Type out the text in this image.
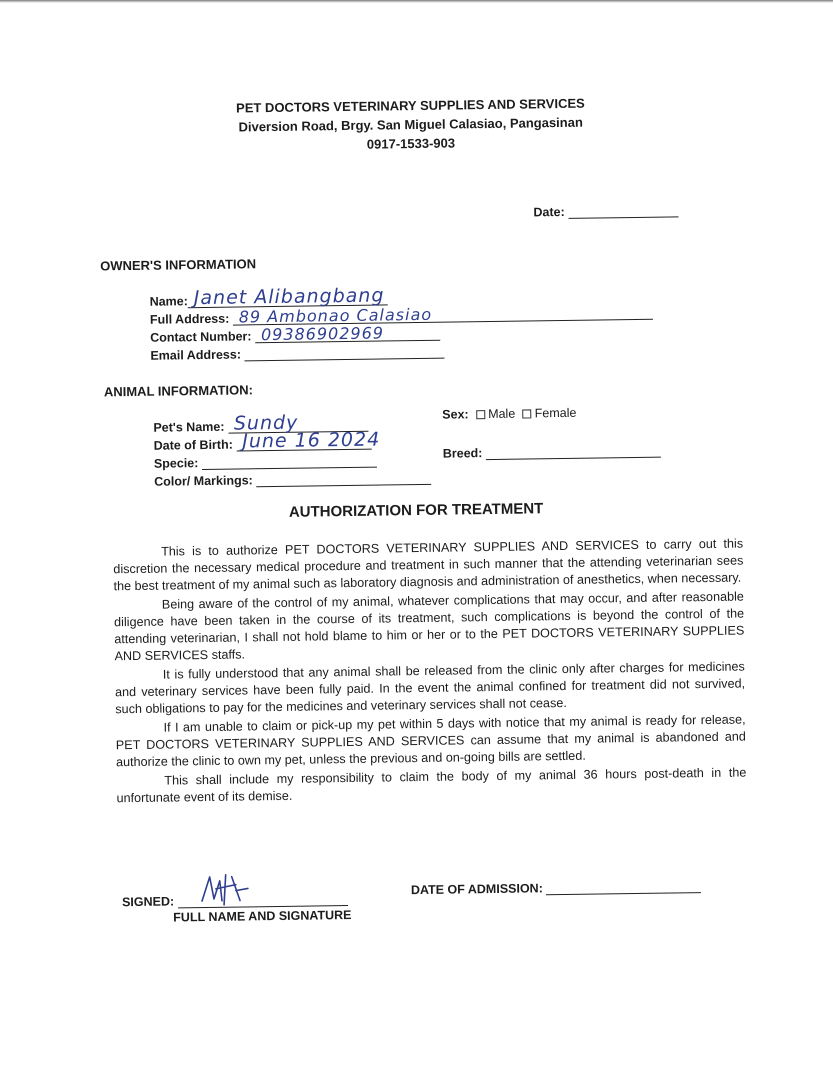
PET DOCTORS VETERINARY SUPPLIES AND SERVICES
Diversion Road, Brgy. San Miguel Calasiao, Pangasinan
0917-1533-903
Date:
OWNER'S INFORMATION
Name: Janet Alibangbang
Full Address: 89 Ambonao Calasiao
Contact Number: 09386902969
Email Address:
ANIMAL INFORMATION:
Pet's Name: Sundy
Date of Birth: June 16 2024
Specie:
Color/ Markings:
Sex: Male Female
Breed:
AUTHORIZATION FOR TREATMENT

This is to authorize PET DOCTORS VETERINARY SUPPLIES AND SERVICES to carry out this discretion the necessary medical procedure and treatment in such manner that the attending veterinarian sees the best treatment of my animal such as laboratory diagnosis and administration of anesthetics, when necessary.

Being aware of the control of my animal, whatever complications that may occur, and after reasonable diligence have been taken in the course of its treatment, such complications is beyond the control of the attending veterinarian, I shall not hold blame to him or her or to the PET DOCTORS VETERINARY SUPPLIES AND SERVICES staffs.

It is fully understood that any animal shall be released from the clinic only after charges for medicines and veterinary services have been fully paid. In the event the animal confined for treatment did not survived, such obligations to pay for the medicines and veterinary services shall not cease.

If I am unable to claim or pick-up my pet within 5 days with notice that my animal is ready for release, PET DOCTORS VETERINARY SUPPLIES AND SERVICES can assume that my animal is abandoned and authorize the clinic to own my pet, unless the previous and on-going bills are settled.

This shall include my responsibility to claim the body of my animal 36 hours post-death in the unfortunate event of its demise.

SIGNED:
FULL NAME AND SIGNATURE
DATE OF ADMISSION:
